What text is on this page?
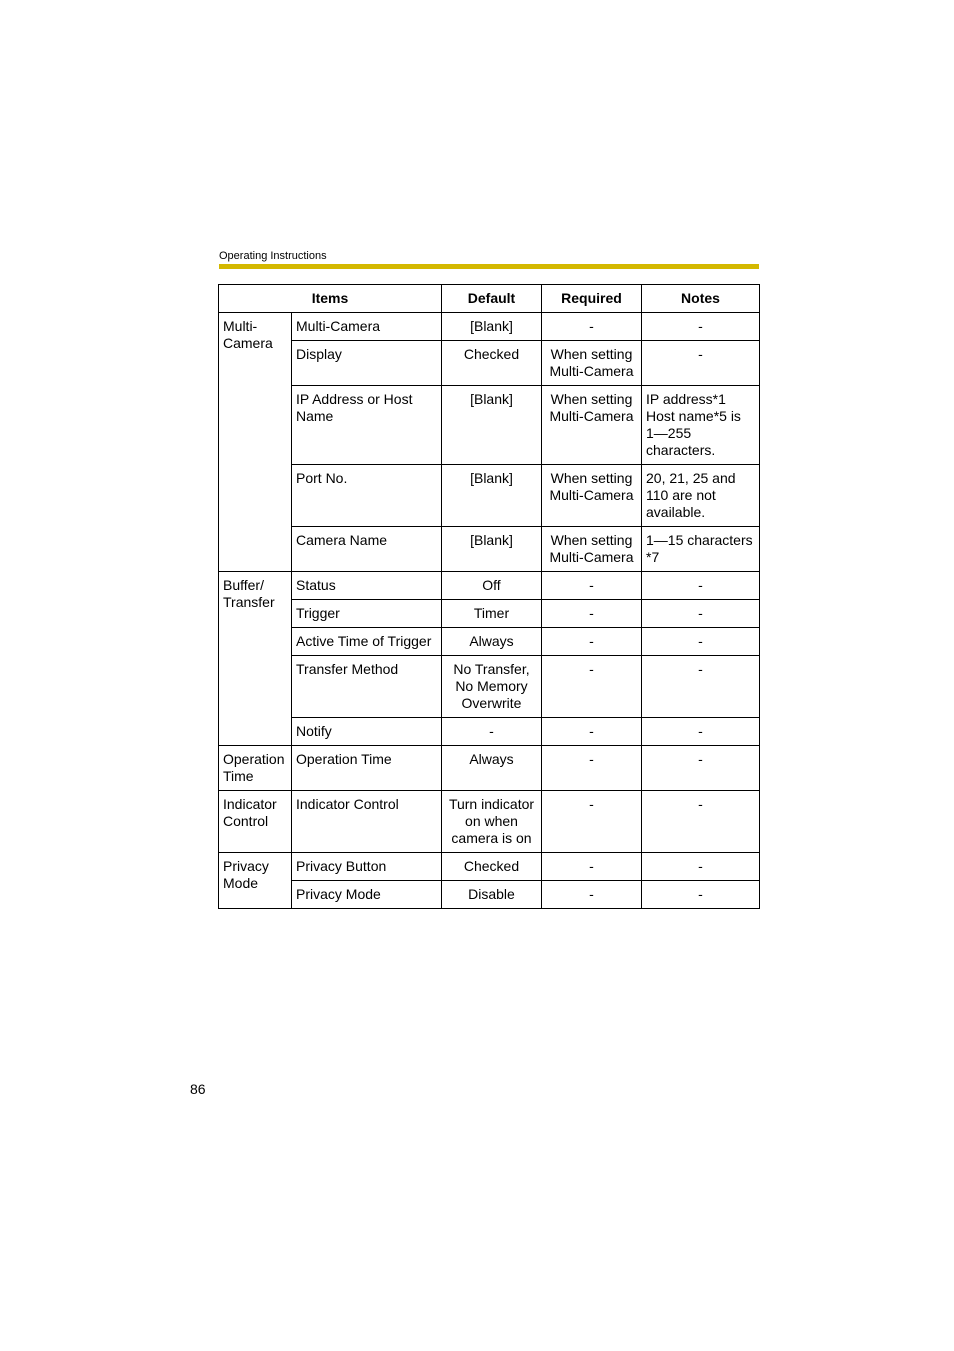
Operating Instructions
Items		Default	Required	Notes
Multi-
Camera	Multi-Camera	[Blank]	-	-
	Display	Checked	When setting
Multi-Camera	-
	IP Address or Host
Name	[Blank]	When setting
Multi-Camera	IP address*1
Host name*5 is
1—255
characters.
	Port No.	[Blank]	When setting
Multi-Camera	20, 21, 25 and
110 are not
available.
	Camera Name	[Blank]	When setting
Multi-Camera	1—15 characters
*7
Buffer/
Transfer	Status	Off	-	-
	Trigger	Timer	-	-
	Active Time of Trigger	Always	-	-
	Transfer Method	No Transfer,
No Memory
Overwrite	-	-
	Notify	-	-	-
Operation
Time	Operation Time	Always	-	-
Indicator
Control	Indicator Control	Turn indicator
on when
camera is on	-	-
Privacy
Mode	Privacy Button	Checked	-	-
	Privacy Mode	Disable	-	-
86
